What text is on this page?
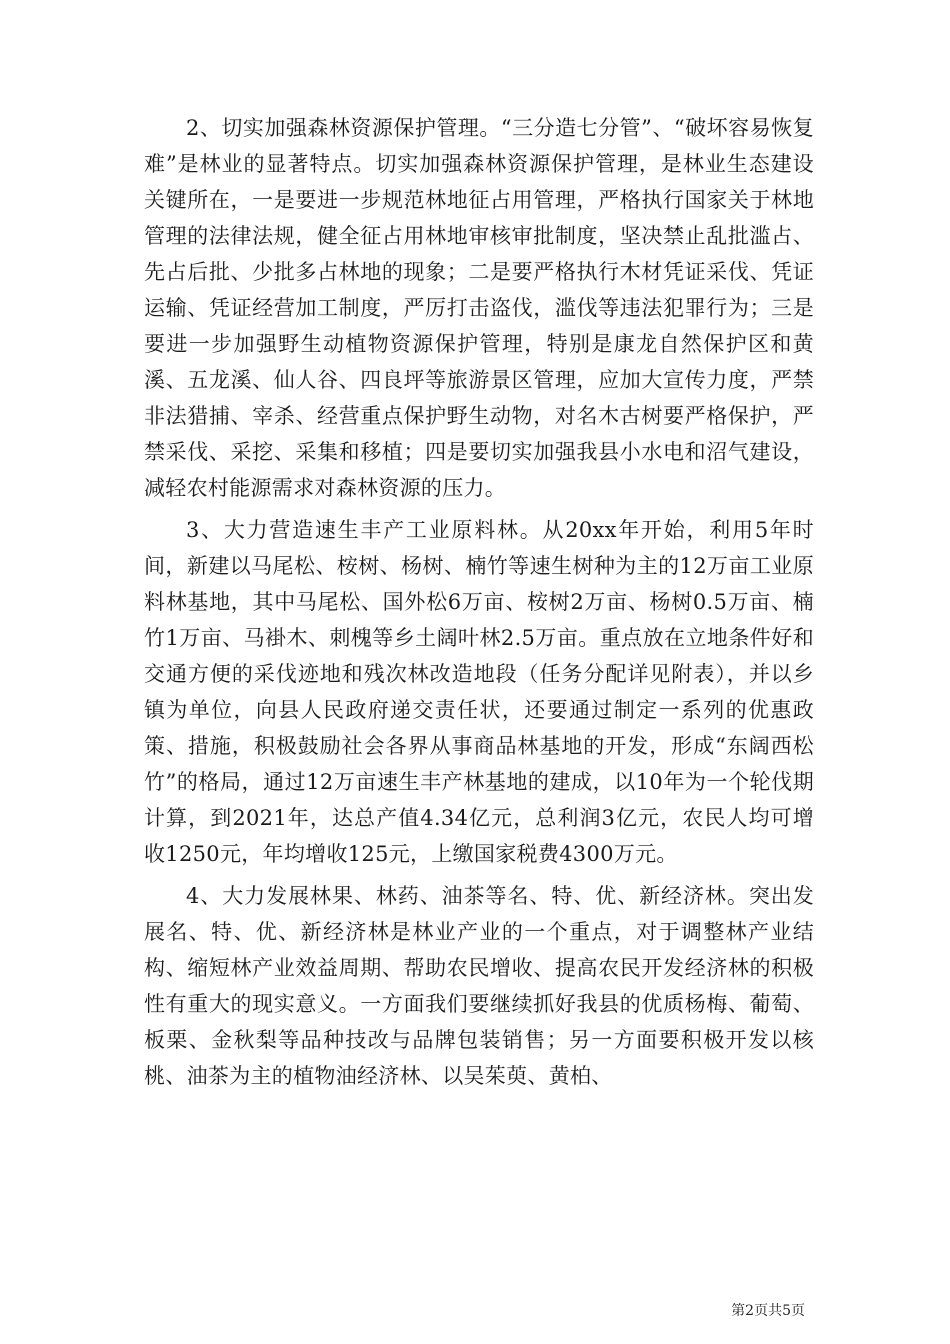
2、切实加强森林资源保护管理。“三分造七分管”、“破坏容易恢复难”是林业的显著特点。切实加强森林资源保护管理，是林业生态建设关键所在，一是要进一步规范林地征占用管理，严格执行国家关于林地管理的法律法规，健全征占用林地审核审批制度，坚决禁止乱批滥占、先占后批、少批多占林地的现象；二是要严格执行木材凭证采伐、凭证运输、凭证经营加工制度，严厉打击盗伐，滥伐等违法犯罪行为；三是要进一步加强野生动植物资源保护管理，特别是康龙自然保护区和黄溪、五龙溪、仙人谷、四良坪等旅游景区管理，应加大宣传力度，严禁非法猎捕、宰杀、经营重点保护野生动物，对名木古树要严格保护，严禁采伐、采挖、采集和移植；四是要切实加强我县小水电和沼气建设，减轻农村能源需求对森林资源的压力。

3、大力营造速生丰产工业原料林。从20xx年开始，利用5年时间，新建以马尾松、桉树、杨树、楠竹等速生树种为主的12万亩工业原料林基地，其中马尾松、国外松6万亩、桉树2万亩、杨树0.5万亩、楠竹1万亩、马褂木、刺槐等乡土阔叶林2.5万亩。重点放在立地条件好和交通方便的采伐迹地和残次林改造地段（任务分配详见附表），并以乡镇为单位，向县人民政府递交责任状，还要通过制定一系列的优惠政策、措施，积极鼓励社会各界从事商品林基地的开发，形成“东阔西松竹”的格局，通过12万亩速生丰产林基地的建成，以10年为一个轮伐期计算，到2021年，达总产值4.34亿元，总利润3亿元，农民人均可增收1250元，年均增收125元，上缴国家税费4300万元。

4、大力发展林果、林药、油茶等名、特、优、新经济林。突出发展名、特、优、新经济林是林业产业的一个重点，对于调整林产业结构、缩短林产业效益周期、帮助农民增收、提高农民开发经济林的积极性有重大的现实意义。一方面我们要继续抓好我县的优质杨梅、葡萄、板栗、金秋梨等品种技改与品牌包装销售；另一方面要积极开发以核桃、油茶为主的植物油经济林、以吴茱萸、黄柏、

第2页共5页
